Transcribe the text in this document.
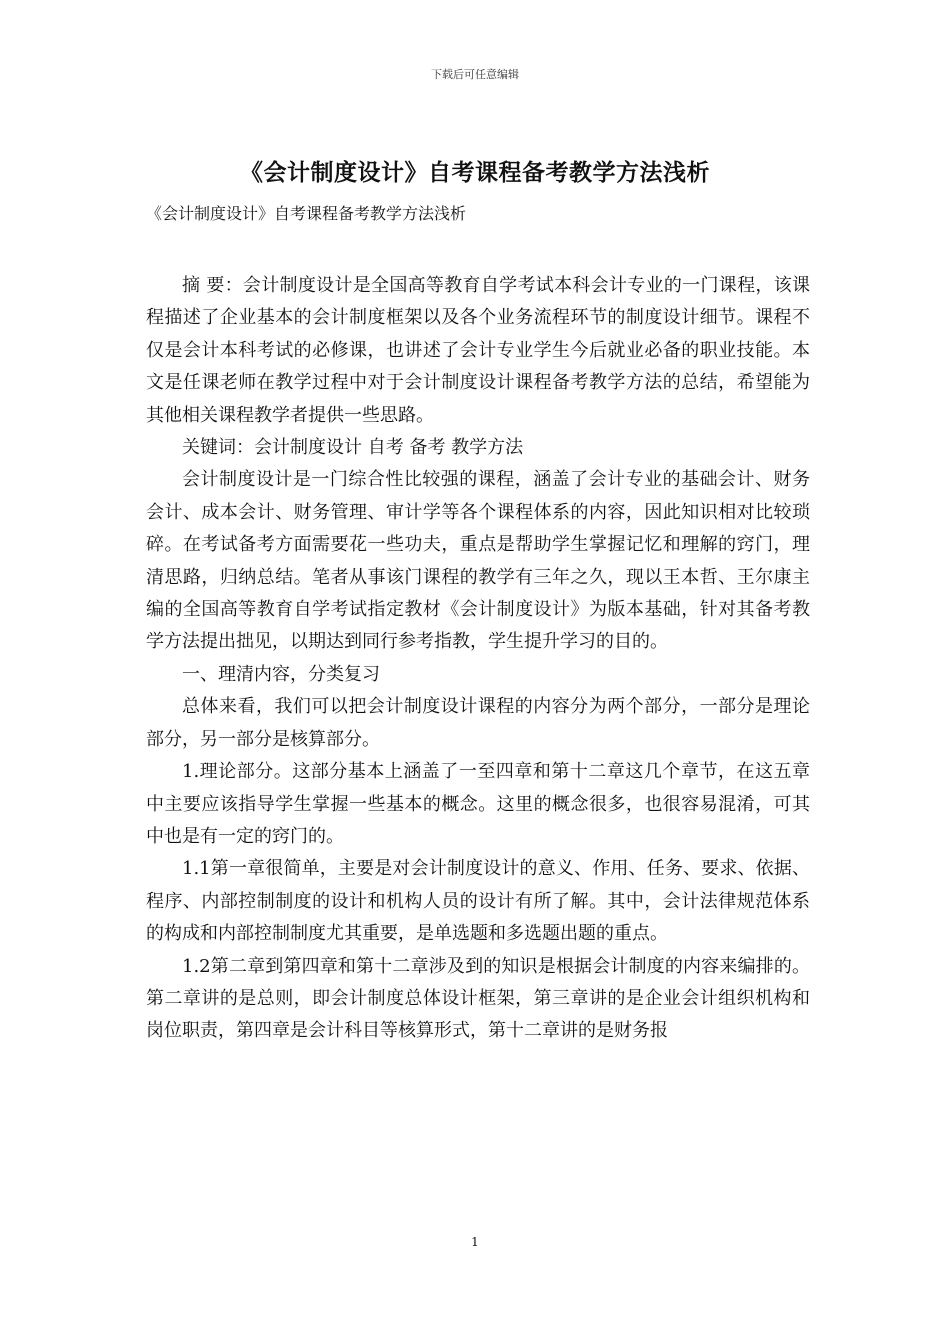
下载后可任意编辑
《会计制度设计》自考课程备考教学方法浅析
《会计制度设计》自考课程备考教学方法浅析

摘 要：会计制度设计是全国高等教育自学考试本科会计专业的一门课程，该课程描述了企业基本的会计制度框架以及各个业务流程环节的制度设计细节。课程不仅是会计本科考试的必修课，也讲述了会计专业学生今后就业必备的职业技能。本文是任课老师在教学过程中对于会计制度设计课程备考教学方法的总结，希望能为其他相关课程教学者提供一些思路。

关键词：会计制度设计 自考 备考 教学方法

会计制度设计是一门综合性比较强的课程，涵盖了会计专业的基础会计、财务会计、成本会计、财务管理、审计学等各个课程体系的内容，因此知识相对比较琐碎。在考试备考方面需要花一些功夫，重点是帮助学生掌握记忆和理解的窍门，理清思路，归纳总结。笔者从事该门课程的教学有三年之久，现以王本哲、王尔康主编的全国高等教育自学考试指定教材《会计制度设计》为版本基础，针对其备考教学方法提出拙见，以期达到同行参考指教，学生提升学习的目的。

一、理清内容，分类复习

总体来看，我们可以把会计制度设计课程的内容分为两个部分，一部分是理论部分，另一部分是核算部分。

1.理论部分。这部分基本上涵盖了一至四章和第十二章这几个章节，在这五章中主要应该指导学生掌握一些基本的概念。这里的概念很多，也很容易混淆，可其中也是有一定的窍门的。

1.1第一章很简单，主要是对会计制度设计的意义、作用、任务、要求、依据、程序、内部控制制度的设计和机构人员的设计有所了解。其中，会计法律规范体系的构成和内部控制制度尤其重要，是单选题和多选题出题的重点。

1.2第二章到第四章和第十二章涉及到的知识是根据会计制度的内容来编排的。第二章讲的是总则，即会计制度总体设计框架，第三章讲的是企业会计组织机构和岗位职责，第四章是会计科目等核算形式，第十二章讲的是财务报

1
